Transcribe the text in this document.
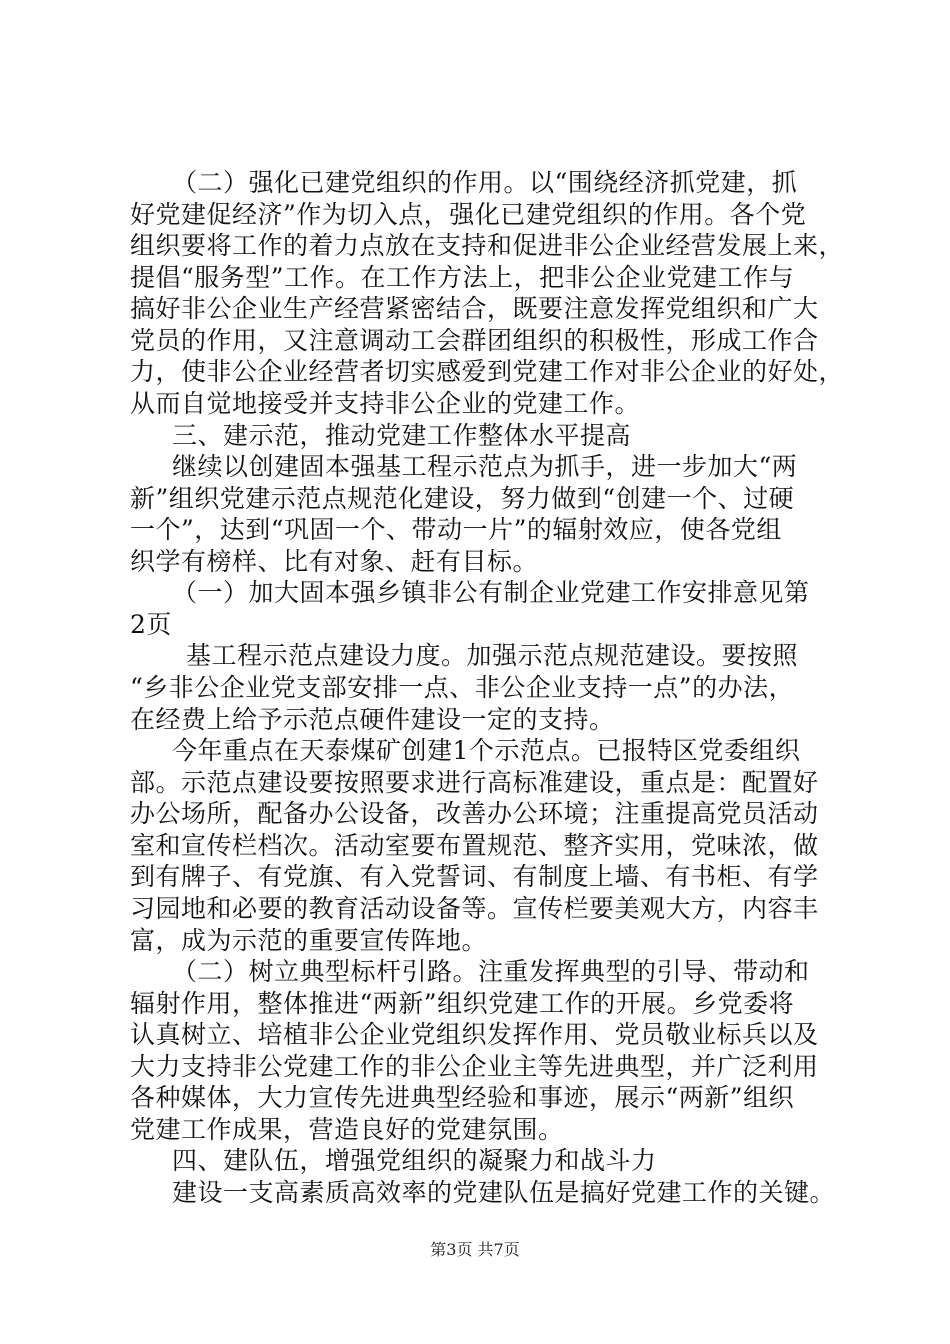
（二）强化已建党组织的作用。以“围绕经济抓党建，抓
好党建促经济”作为切入点，强化已建党组织的作用。各个党
组织要将工作的着力点放在支持和促进非公企业经营发展上来，
提倡“服务型”工作。在工作方法上，把非公企业党建工作与
搞好非公企业生产经营紧密结合，既要注意发挥党组织和广大
党员的作用，又注意调动工会群团组织的积极性，形成工作合
力，使非公企业经营者切实感爱到党建工作对非公企业的好处，
从而自觉地接受并支持非公企业的党建工作。
三、建示范，推动党建工作整体水平提高
继续以创建固本强基工程示范点为抓手，进一步加大“两
新”组织党建示范点规范化建设，努力做到“创建一个、过硬
一个”，达到“巩固一个、带动一片”的辐射效应，使各党组
织学有榜样、比有对象、赶有目标。
（一）加大固本强乡镇非公有制企业党建工作安排意见第
2页
基工程示范点建设力度。加强示范点规范建设。要按照
“乡非公企业党支部安排一点、非公企业支持一点”的办法，
在经费上给予示范点硬件建设一定的支持。
今年重点在天泰煤矿创建1个示范点。已报特区党委组织
部。示范点建设要按照要求进行高标准建设，重点是：配置好
办公场所，配备办公设备，改善办公环境；注重提高党员活动
室和宣传栏档次。活动室要布置规范、整齐实用，党味浓，做
到有牌子、有党旗、有入党誓词、有制度上墙、有书柜、有学
习园地和必要的教育活动设备等。宣传栏要美观大方，内容丰
富，成为示范的重要宣传阵地。
（二）树立典型标杆引路。注重发挥典型的引导、带动和
辐射作用，整体推进“两新”组织党建工作的开展。乡党委将
认真树立、培植非公企业党组织发挥作用、党员敬业标兵以及
大力支持非公党建工作的非公企业主等先进典型，并广泛利用
各种媒体，大力宣传先进典型经验和事迹，展示“两新”组织
党建工作成果，营造良好的党建氛围。
四、建队伍，增强党组织的凝聚力和战斗力
建设一支高素质高效率的党建队伍是搞好党建工作的关键。
第3页 共7页
